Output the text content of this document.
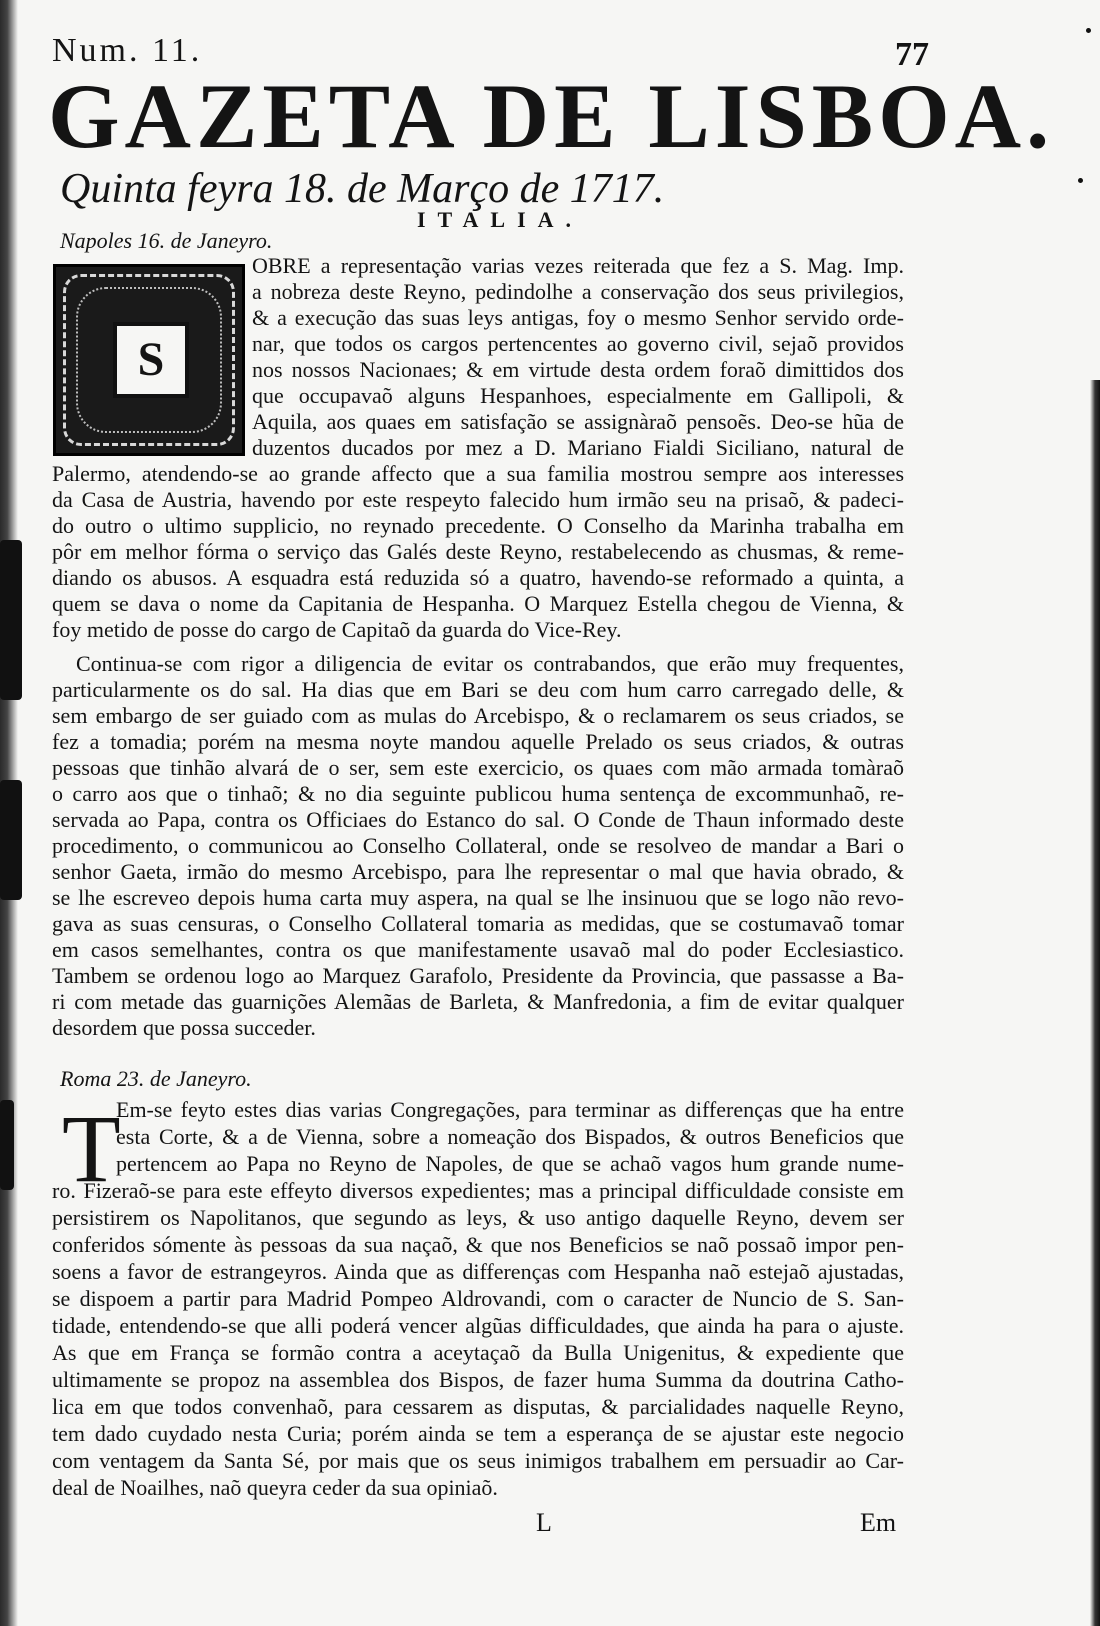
Num. 11.	77
GAZETA DE LISBOA.
Quinta feyra 18. de Março de 1717.
ITALIA.
Napoles 16. de Janeyro.
S

OBRE a representação varias vezes reiterada que fez a S. Mag. Imp.

a nobreza deste Reyno, pedindolhe a conservação dos seus privilegios,

& a execução das suas leys antigas, foy o mesmo Senhor servido orde-

nar, que todos os cargos pertencentes ao governo civil, sejaõ providos

nos nossos Nacionaes; & em virtude desta ordem foraõ dimittidos dos

que occupavaõ alguns Hespanhoes, especialmente em Gallipoli, &

Aquila, aos quaes em satisfação se assignàraõ pensoẽs. Deo-se hũa de

duzentos ducados por mez a D. Mariano Fialdi Siciliano, natural de

Palermo, atendendo-se ao grande affecto que a sua familia mostrou sempre aos interesses

da Casa de Austria, havendo por este respeyto falecido hum irmão seu na prisaõ, & padeci-

do outro o ultimo supplicio, no reynado precedente. O Conselho da Marinha trabalha em

pôr em melhor fórma o serviço das Galés deste Reyno, restabelecendo as chusmas, & reme-

diando os abusos. A esquadra está reduzida só a quatro, havendo-se reformado a quinta, a

quem se dava o nome da Capitania de Hespanha. O Marquez Estella chegou de Vienna, &

foy metido de posse do cargo de Capitaõ da guarda do Vice-Rey.

Continua-se com rigor a diligencia de evitar os contrabandos, que erão muy frequentes,

particularmente os do sal. Ha dias que em Bari se deu com hum carro carregado delle, &

sem embargo de ser guiado com as mulas do Arcebispo, & o reclamarem os seus criados, se

fez a tomadia; porém na mesma noyte mandou aquelle Prelado os seus criados, & outras

pessoas que tinhão alvará de o ser, sem este exercicio, os quaes com mão armada tomàraõ

o carro aos que o tinhaõ; & no dia seguinte publicou huma sentença de excommunhaõ, re-

servada ao Papa, contra os Officiaes do Estanco do sal. O Conde de Thaun informado deste

procedimento, o communicou ao Conselho Collateral, onde se resolveo de mandar a Bari o

senhor Gaeta, irmão do mesmo Arcebispo, para lhe representar o mal que havia obrado, &

se lhe escreveo depois huma carta muy aspera, na qual se lhe insinuou que se logo não revo-

gava as suas censuras, o Conselho Collateral tomaria as medidas, que se costumavaõ tomar

em casos semelhantes, contra os que manifestamente usavaõ mal do poder Ecclesiastico.

Tambem se ordenou logo ao Marquez Garafolo, Presidente da Provincia, que passasse a Ba-

ri com metade das guarnições Alemãas de Barleta, & Manfredonia, a fim de evitar qualquer

desordem que possa succeder.

Roma 23. de Janeyro.
T

Em-se feyto estes dias varias Congregações, para terminar as differenças que ha entre

esta Corte, & a de Vienna, sobre a nomeação dos Bispados, & outros Beneficios que

pertencem ao Papa no Reyno de Napoles, de que se achaõ vagos hum grande nume-

ro. Fizeraõ-se para este effeyto diversos expedientes; mas a principal difficuldade consiste em

persistirem os Napolitanos, que segundo as leys, & uso antigo daquelle Reyno, devem ser

conferidos sómente às pessoas da sua naçaõ, & que nos Beneficios se naõ possaõ impor pen-

soens a favor de estrangeyros. Ainda que as differenças com Hespanha naõ estejaõ ajustadas,

se dispoem a partir para Madrid Pompeo Aldrovandi, com o caracter de Nuncio de S. San-

tidade, entendendo-se que alli poderá vencer algũas difficuldades, que ainda ha para o ajuste.

As que em França se formão contra a aceytaçaõ da Bulla Unigenitus, & expediente que

ultimamente se propoz na assemblea dos Bispos, de fazer huma Summa da doutrina Catho-

lica em que todos convenhaõ, para cessarem as disputas, & parcialidades naquelle Reyno,

tem dado cuydado nesta Curia; porém ainda se tem a esperança de se ajustar este negocio

com ventagem da Santa Sé, por mais que os seus inimigos trabalhem em persuadir ao Car-

deal de Noailhes, naõ queyra ceder da sua opiniaõ.

L	Em
